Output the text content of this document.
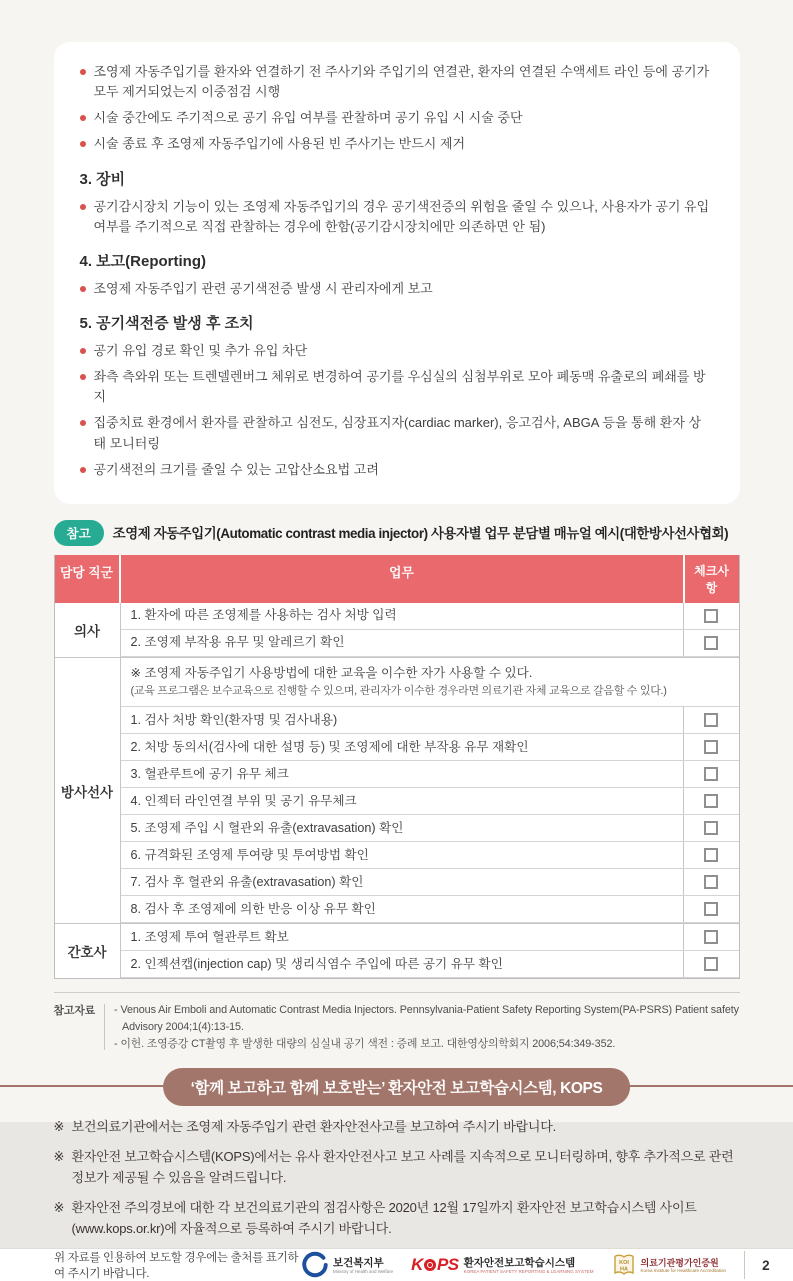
조영제 자동주입기를 환자와 연결하기 전 주사기와 주입기의 연결관, 환자의 연결된 수액세트 라인 등에 공기가 모두 제거되었는지 이중점검 시행
시술 중간에도 주기적으로 공기 유입 여부를 관찰하며 공기 유입 시 시술 중단
시술 종료 후 조영제 자동주입기에 사용된 빈 주사기는 반드시 제거
3. 장비
공기감시장치 기능이 있는 조영제 자동주입기의 경우 공기색전증의 위험을 줄일 수 있으나, 사용자가 공기 유입 여부를 주기적으로 직접 관찰하는 경우에 한함(공기감시장치에만 의존하면 안 됨)
4. 보고(Reporting)
조영제 자동주입기 관련 공기색전증 발생 시 관리자에게 보고
5. 공기색전증 발생 후 조치
공기 유입 경로 확인 및 추가 유입 차단
좌측 측와위 또는 트렌델렌버그 체위로 변경하여 공기를 우심실의 심첨부위로 모아 폐동맥 유출로의 폐쇄를 방지
집중치료 환경에서 환자를 관찰하고 심전도, 심장표지자(cardiac marker), 응고검사, ABGA 등을 통해 환자 상태 모니터링
공기색전의 크기를 줄일 수 있는 고압산소요법 고려
참고	조영제 자동주입기(Automatic contrast media injector) 사용자별 업무 분담별 매뉴얼 예시(대한방사선사협회)
담당 직군	업무	체크사항
의사
1. 환자에 따른 조영제를 사용하는 검사 처방 입력
2. 조영제 부작용 유무 및 알레르기 확인
방사선사
※ 조영제 자동주입기 사용방법에 대한 교육을 이수한 자가 사용할 수 있다.
(교육 프로그램은 보수교육으로 진행할 수 있으며, 관리자가 이수한 경우라면 의료기관 자체 교육으로 갈음할 수 있다.)
1. 검사 처방 확인(환자명 및 검사내용)
2. 처방 동의서(검사에 대한 설명 등) 및 조영제에 대한 부작용 유무 재확인
3. 혈관루트에 공기 유무 체크
4. 인젝터 라인연결 부위 및 공기 유무체크
5. 조영제 주입 시 혈관외 유출(extravasation) 확인
6. 규격화된 조영제 투여량 및 투여방법 확인
7. 검사 후 혈관외 유출(extravasation) 확인
8. 검사 후 조영제에 의한 반응 이상 유무 확인
간호사
1. 조영제 투여 혈관루트 확보
2. 인젝션캡(injection cap) 및 생리식염수 주입에 따른 공기 유무 확인
참고자료 - Venous Air Emboli and Automatic Contrast Media Injectors. Pennsylvania-Patient Safety Reporting System(PA-PSRS) Patient safety Advisory 2004;1(4):13-15.
- 이헌. 조영증강 CT촬영 후 발생한 대량의 심실내 공기 색전 : 증례 보고. 대한영상의학회지 2006;54:349-352.
‘함께 보고하고 함께 보호받는’ 환자안전 보고학습시스템, KOPS
※ 보건의료기관에서는 조영제 자동주입기 관련 환자안전사고를 보고하여 주시기 바랍니다.
※ 환자안전 보고학습시스템(KOPS)에서는 유사 환자안전사고 보고 사례를 지속적으로 모니터링하며, 향후 추가적으로 관련 정보가 제공될 수 있음을 알려드립니다.
※ 환자안전 주의경보에 대한 각 보건의료기관의 점검사항은 2020년 12월 17일까지 환자안전 보고학습시스템 사이트 (www.kops.or.kr)에 자율적으로 등록하여 주시기 바랍니다.
위 자료를 인용하여 보도할 경우에는 출처를 표기하여 주시기 바랍니다.
보건복지부
Ministry of Health and Welfare K PS 환자안전보고학습시스템
KOREA PATIENT SAFETY REPORTING & LEARNING SYSTEM
KOI
HA
의료기관평가인증원
Korea Institute for Healthcare Accreditation	2
